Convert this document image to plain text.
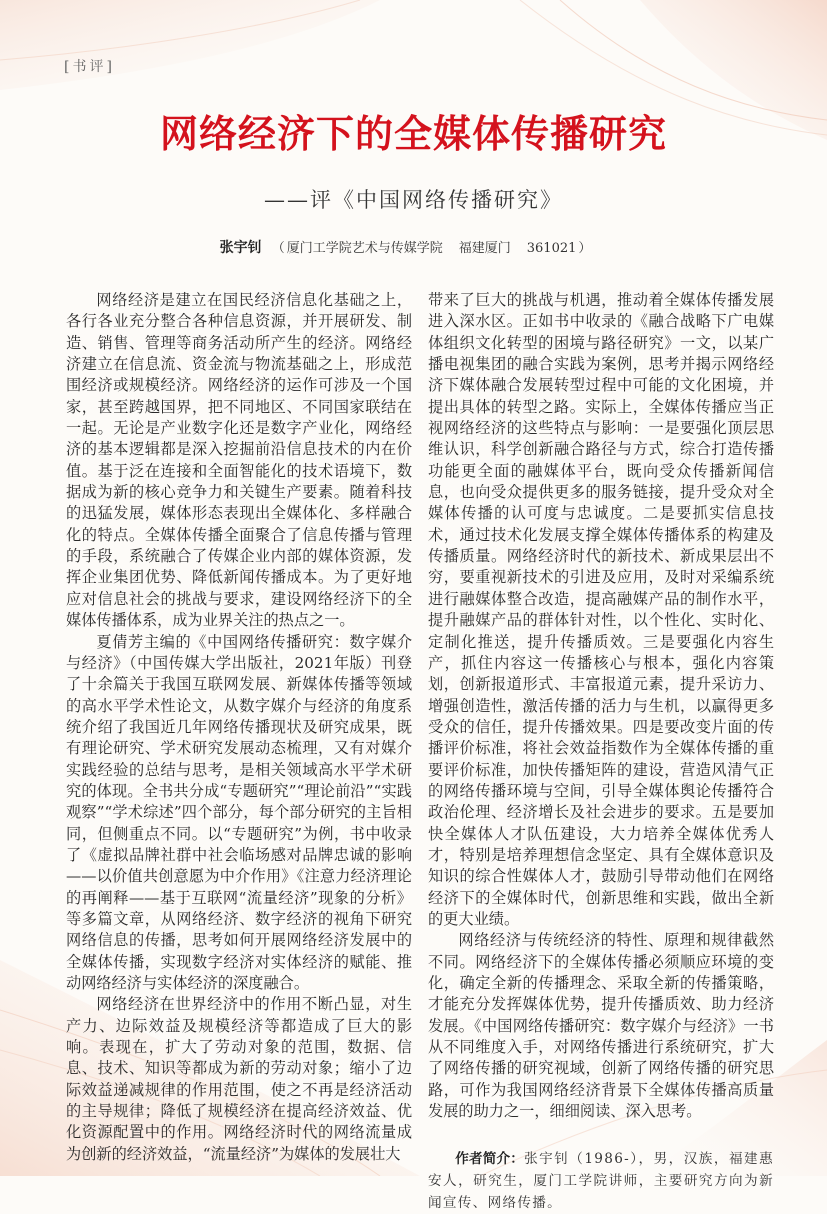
[书评]
网络经济下的全媒体传播研究
——评《中国网络传播研究》
张宇钊 （ 厦门工学院艺术与传媒学院 福建厦门 361021 ）

网络经济是建立在国民经济信息化基础之上，各行各业充分整合各种信息资源，并开展研发、制造、销售、管理等商务活动所产生的经济。网络经济建立在信息流、资金流与物流基础之上，形成范围经济或规模经济。网络经济的运作可涉及一个国家，甚至跨越国界，把不同地区、不同国家联结在一起。无论是产业数字化还是数字产业化，网络经济的基本逻辑都是深入挖掘前沿信息技术的内在价值。基于泛在连接和全面智能化的技术语境下，数据成为新的核心竞争力和关键生产要素。随着科技的迅猛发展，媒体形态表现出全媒体化、多样融合化的特点。全媒体传播全面聚合了信息传播与管理的手段，系统融合了传媒企业内部的媒体资源，发挥企业集团优势、降低新闻传播成本。为了更好地应对信息社会的挑战与要求，建设网络经济下的全媒体传播体系，成为业界关注的热点之一。

夏倩芳主编的《中国网络传播研究：数字媒介与经济》（中国传媒大学出版社，2021年版）刊登了十余篇关于我国互联网发展、新媒体传播等领域的高水平学术性论文，从数字媒介与经济的角度系统介绍了我国近几年网络传播现状及研究成果，既有理论研究、学术研究发展动态梳理，又有对媒介实践经验的总结与思考，是相关领域高水平学术研究的体现。全书共分成“专题研究”“理论前沿”“实践观察”“学术综述”四个部分，每个部分研究的主旨相同，但侧重点不同。以“专题研究”为例，书中收录了《虚拟品牌社群中社会临场感对品牌忠诚的影响——以价值共创意愿为中介作用》《注意力经济理论的再阐释——基于互联网“流量经济”现象的分析》等多篇文章，从网络经济、数字经济的视角下研究网络信息的传播，思考如何开展网络经济发展中的全媒体传播，实现数字经济对实体经济的赋能、推动网络经济与实体经济的深度融合。

网络经济在世界经济中的作用不断凸显，对生产力、边际效益及规模经济等都造成了巨大的影响。表现在，扩大了劳动对象的范围，数据、信息、技术、知识等都成为新的劳动对象；缩小了边际效益递减规律的作用范围，使之不再是经济活动的主导规律；降低了规模经济在提高经济效益、优化资源配置中的作用。网络经济时代的网络流量成为创新的经济效益，“流量经济”为媒体的发展壮大

带来了巨大的挑战与机遇，推动着全媒体传播发展进入深水区。正如书中收录的《融合战略下广电媒体组织文化转型的困境与路径研究》一文，以某广播电视集团的融合实践为案例，思考并揭示网络经济下媒体融合发展转型过程中可能的文化困境，并提出具体的转型之路。实际上，全媒体传播应当正视网络经济的这些特点与影响：一是要强化顶层思维认识，科学创新融合路径与方式，综合打造传播功能更全面的融媒体平台，既向受众传播新闻信息，也向受众提供更多的服务链接，提升受众对全媒体传播的认可度与忠诚度。二是要抓实信息技术，通过技术化发展支撑全媒体传播体系的构建及传播质量。网络经济时代的新技术、新成果层出不穷，要重视新技术的引进及应用，及时对采编系统进行融媒体整合改造，提高融媒产品的制作水平，提升融媒产品的群体针对性，以个性化、实时化、定制化推送，提升传播质效。三是要强化内容生产，抓住内容这一传播核心与根本，强化内容策划，创新报道形式、丰富报道元素，提升采访力、增强创造性，激活传播的活力与生机，以赢得更多受众的信任，提升传播效果。四是要改变片面的传播评价标准，将社会效益指数作为全媒体传播的重要评价标准，加快传播矩阵的建设，营造风清气正的网络传播环境与空间，引导全媒体舆论传播符合政治伦理、经济增长及社会进步的要求。五是要加快全媒体人才队伍建设，大力培养全媒体优秀人才，特别是培养理想信念坚定、具有全媒体意识及知识的综合性媒体人才，鼓励引导带动他们在网络经济下的全媒体时代，创新思维和实践，做出全新的更大业绩。

网络经济与传统经济的特性、原理和规律截然不同。网络经济下的全媒体传播必须顺应环境的变化，确定全新的传播理念、采取全新的传播策略，才能充分发挥媒体优势，提升传播质效、助力经济发展。《中国网络传播研究：数字媒介与经济》一书从不同维度入手，对网络传播进行系统研究，扩大了网络传播的研究视域，创新了网络传播的研究思路，可作为我国网络经济背景下全媒体传播高质量发展的助力之一，细细阅读、深入思考。

作者简介：张宇钊（1986-），男，汉族，福建惠安人，研究生，厦门工学院讲师，主要研究方向为新闻宣传、网络传播。
